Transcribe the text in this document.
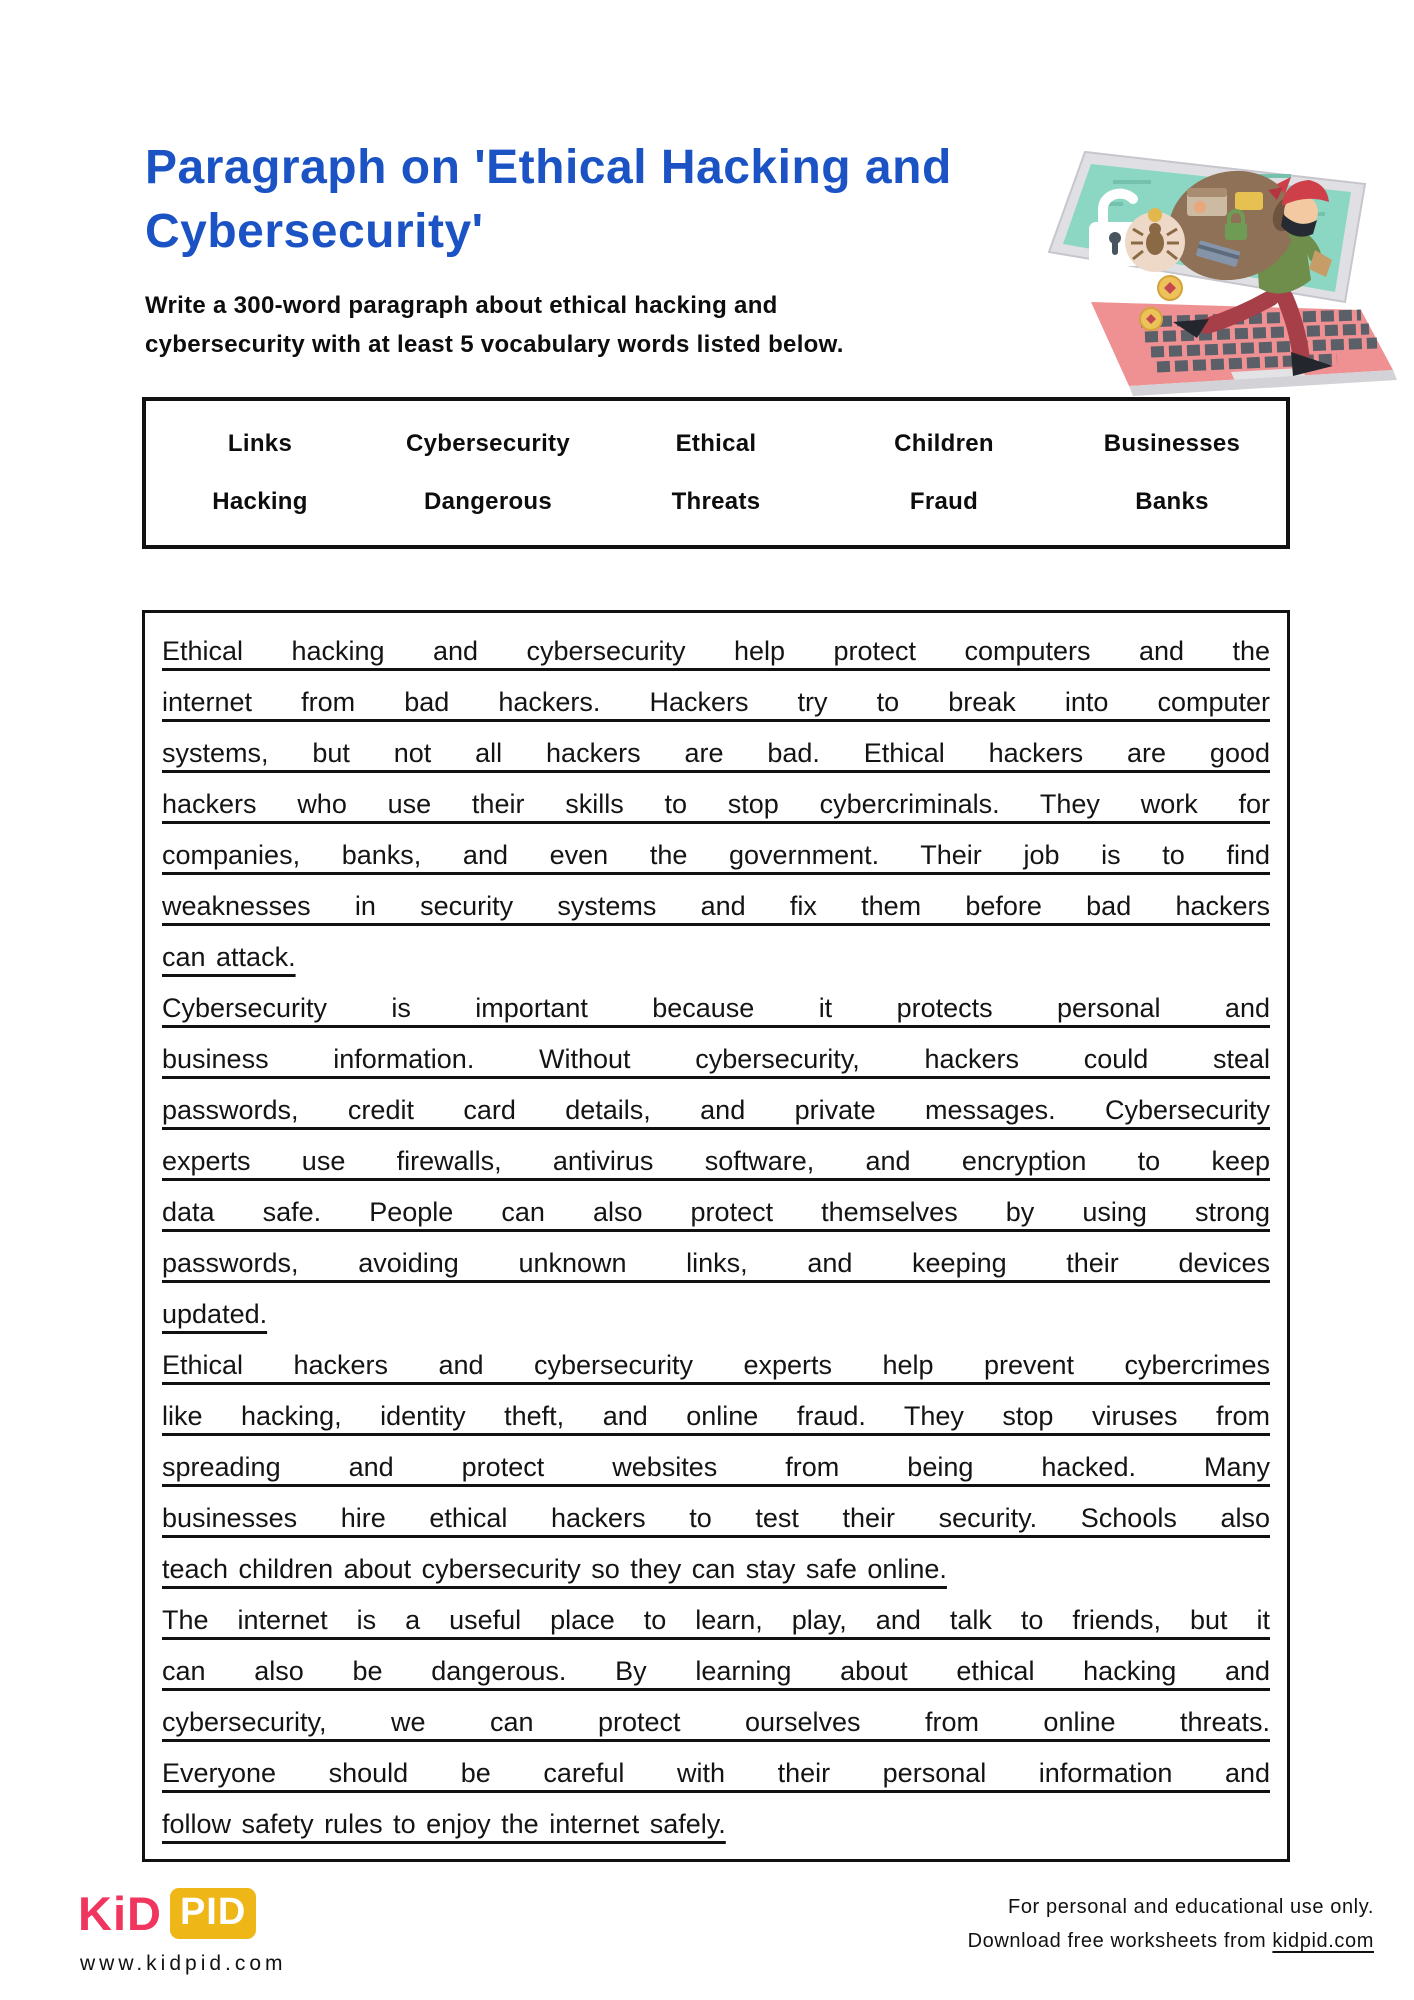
Paragraph on 'Ethical Hacking and
Cybersecurity'
Write a 300-word paragraph about ethical hacking and
cybersecurity with at least 5 vocabulary words listed below.
Links	Cybersecurity	Ethical	Children	Businesses
Hacking	Dangerous	Threats	Fraud	Banks
Ethical hacking and cybersecurity help protect computers and the
internet from bad hackers. Hackers try to break into computer
systems, but not all hackers are bad. Ethical hackers are good
hackers who use their skills to stop cybercriminals. They work for
companies, banks, and even the government. Their job is to find
weaknesses in security systems and fix them before bad hackers
can attack.
Cybersecurity is important because it protects personal and
business information. Without cybersecurity, hackers could steal
passwords, credit card details, and private messages. Cybersecurity
experts use firewalls, antivirus software, and encryption to keep
data safe. People can also protect themselves by using strong
passwords, avoiding unknown links, and keeping their devices
updated.
Ethical hackers and cybersecurity experts help prevent cybercrimes
like hacking, identity theft, and online fraud. They stop viruses from
spreading and protect websites from being hacked. Many
businesses hire ethical hackers to test their security. Schools also
teach children about cybersecurity so they can stay safe online.
The internet is a useful place to learn, play, and talk to friends, but it
can also be dangerous. By learning about ethical hacking and
cybersecurity, we can protect ourselves from online threats.
Everyone should be careful with their personal information and
follow safety rules to enjoy the internet safely.
KiD PID
www.kidpid.com
For personal and educational use only.
Download free worksheets from kidpid.com
